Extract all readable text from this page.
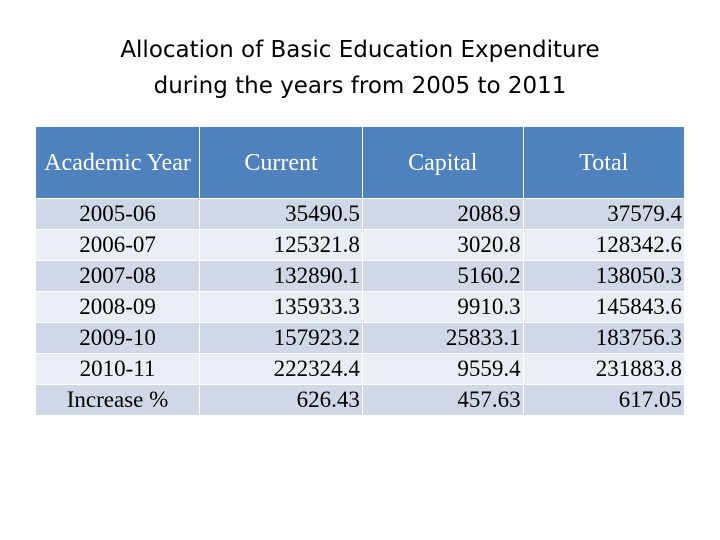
Allocation of Basic Education Expenditure
during the years from 2005 to 2011
Academic Year	Current	Capital	Total
2005-06	35490.5	2088.9	37579.4
2006-07	125321.8	3020.8	128342.6
2007-08	132890.1	5160.2	138050.3
2008-09	135933.3	9910.3	145843.6
2009-10	157923.2	25833.1	183756.3
2010-11	222324.4	9559.4	231883.8
Increase %	626.43	457.63	617.05
